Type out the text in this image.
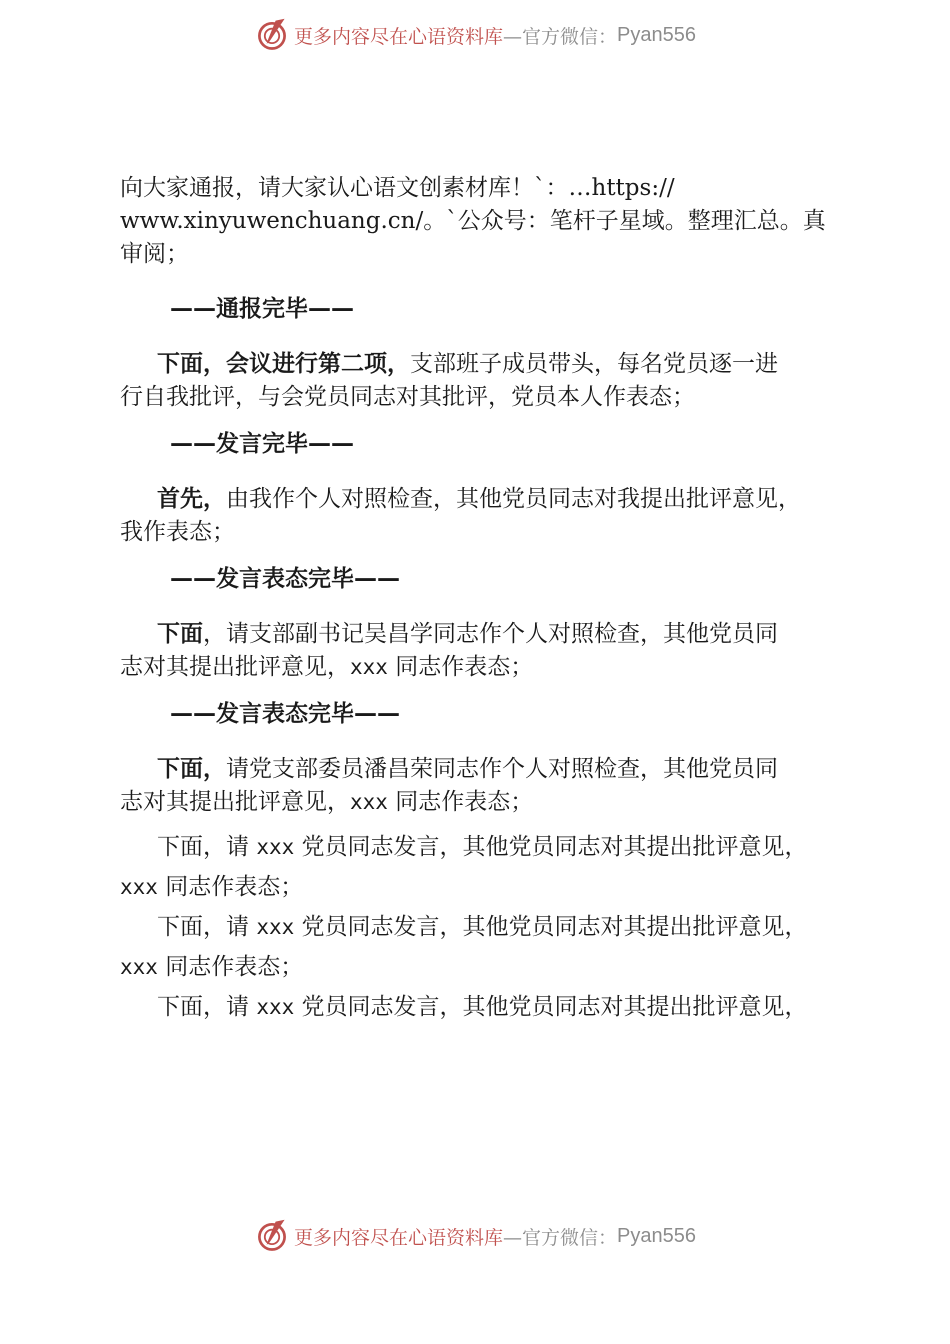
更多内容尽在心语资料库 —官方微信： Pyan556

向大家通报，请大家认心语文创素材库！`：…https://
www.xinyuwenchuang.cn/。`公众号：笔杆子星域。整理汇总。真
审阅；

——通报完毕——

下面，会议进行第二项，支部班子成员带头，每名党员逐一进
行自我批评，与会党员同志对其批评，党员本人作表态；

——发言完毕——

首先，由我作个人对照检查，其他党员同志对我提出批评意见，
我作表态；

——发言表态完毕——

下面，请支部副书记吴昌学同志作个人对照检查，其他党员同
志对其提出批评意见，xxx 同志作表态；

——发言表态完毕——

下面，请党支部委员潘昌荣同志作个人对照检查，其他党员同
志对其提出批评意见，xxx 同志作表态；

下面，请 xxx 党员同志发言，其他党员同志对其提出批评意见，
xxx 同志作表态；

下面，请 xxx 党员同志发言，其他党员同志对其提出批评意见，
xxx 同志作表态；

下面，请 xxx 党员同志发言，其他党员同志对其提出批评意见，

更多内容尽在心语资料库 —官方微信： Pyan556
